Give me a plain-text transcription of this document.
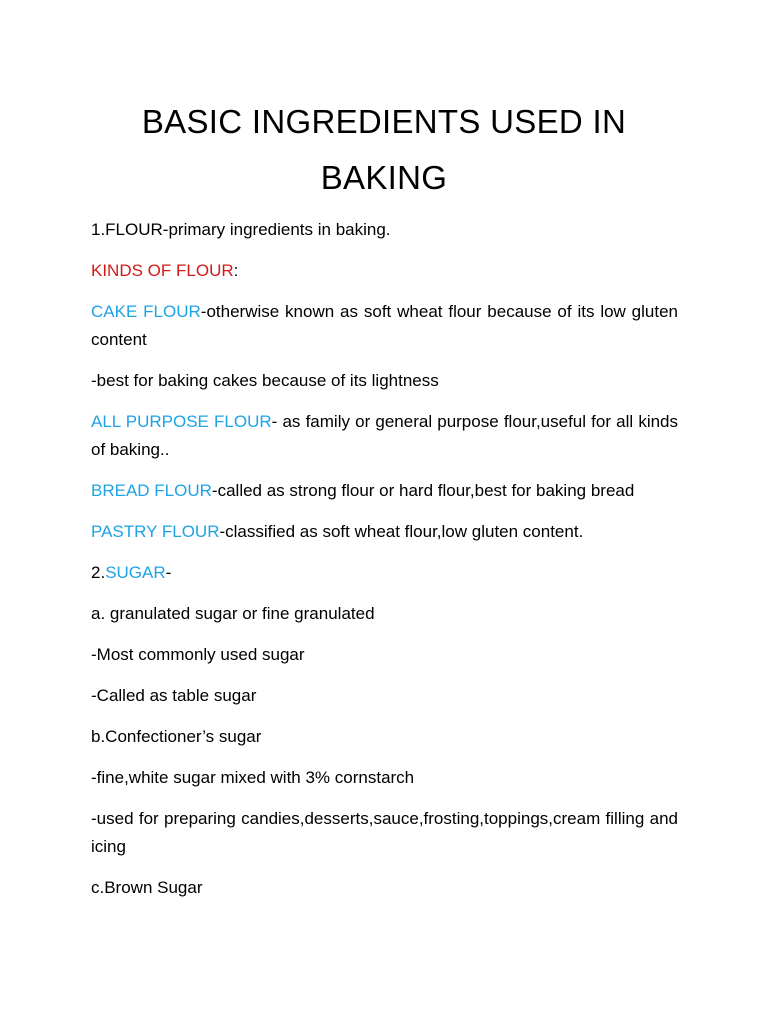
BASIC INGREDIENTS USED IN BAKING

1.FLOUR-primary ingredients in baking.

KINDS OF FLOUR:

CAKE FLOUR-otherwise known as soft wheat flour because of its low gluten content

-best for baking cakes because of its lightness

ALL PURPOSE FLOUR- as family or general purpose flour,useful for all kinds of baking..

BREAD FLOUR-called as strong flour or hard flour,best for baking bread

PASTRY FLOUR-classified as soft wheat flour,low gluten content.

2.SUGAR-

a. granulated sugar or fine granulated

-Most commonly used sugar

-Called as table sugar

b.Confectioner’s sugar

-fine,white sugar mixed with 3% cornstarch

-used for preparing candies,desserts,sauce,frosting,toppings,cream filling and icing

c.Brown Sugar
